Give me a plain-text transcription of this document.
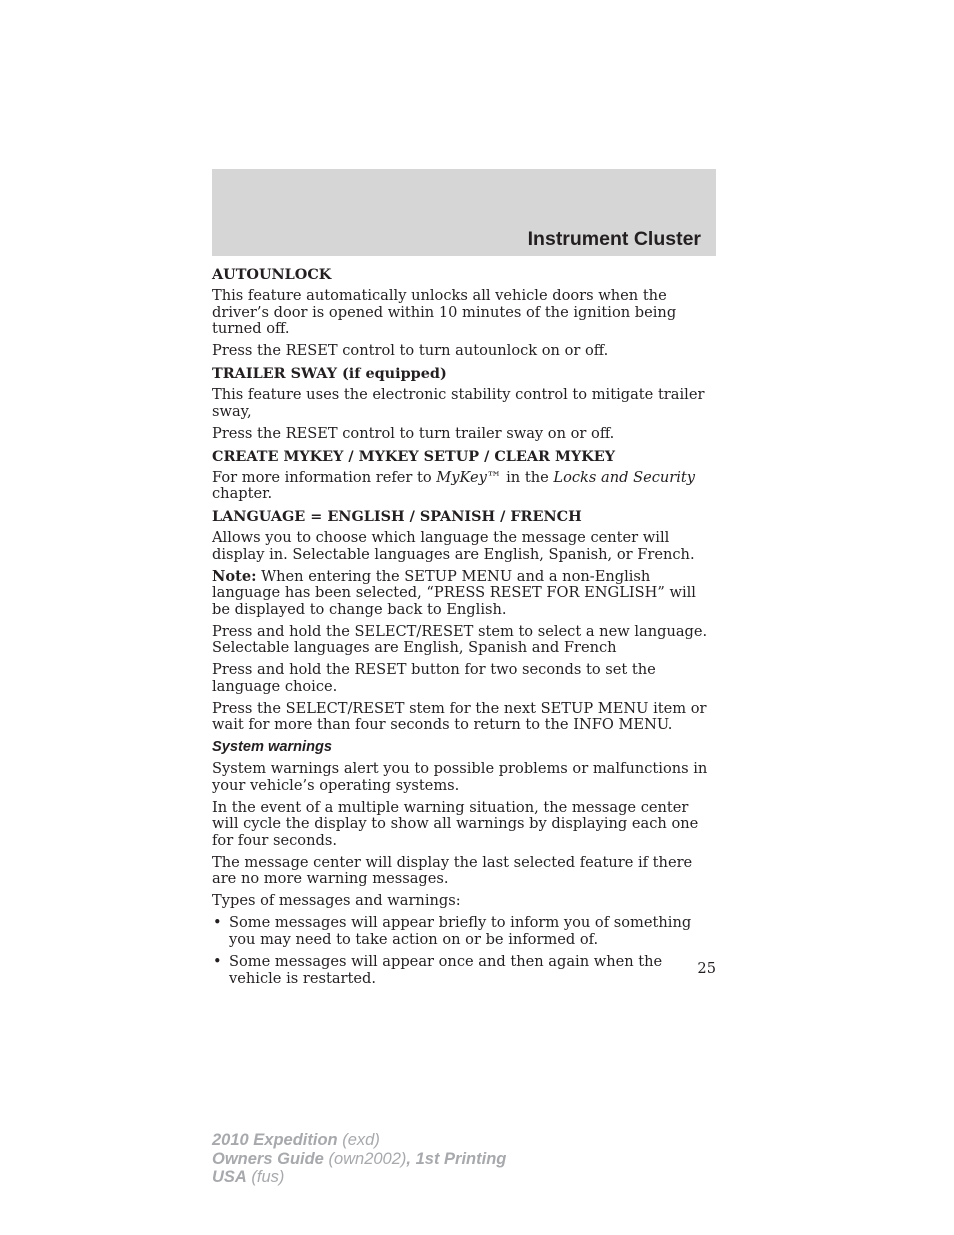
Instrument Cluster
AUTOUNLOCK

This feature automatically unlocks all vehicle doors when the driver’s door is opened within 10 minutes of the ignition being turned off.

Press the RESET control to turn autounlock on or off.

TRAILER SWAY (if equipped)

This feature uses the electronic stability control to mitigate trailer sway,

Press the RESET control to turn trailer sway on or off.

CREATE MYKEY / MYKEY SETUP / CLEAR MYKEY

For more information refer to MyKey™ in the Locks and Security chapter.

LANGUAGE = ENGLISH / SPANISH / FRENCH

Allows you to choose which language the message center will display in. Selectable languages are English, Spanish, or French.

Note: When entering the SETUP MENU and a non-English language has been selected, “PRESS RESET FOR ENGLISH” will be displayed to change back to English.

Press and hold the SELECT/RESET stem to select a new language. Selectable languages are English, Spanish and French

Press and hold the RESET button for two seconds to set the language choice.

Press the SELECT/RESET stem for the next SETUP MENU item or wait for more than four seconds to return to the INFO MENU.

System warnings

System warnings alert you to possible problems or malfunctions in your vehicle’s operating systems.

In the event of a multiple warning situation, the message center will cycle the display to show all warnings by displaying each one for four seconds.

The message center will display the last selected feature if there are no more warning messages.

Types of messages and warnings:

• Some messages will appear briefly to inform you of something you may need to take action on or be informed of.
• Some messages will appear once and then again when the vehicle is restarted.
25
2010 Expedition (exd)
Owners Guide (own2002), 1st Printing
USA (fus)
